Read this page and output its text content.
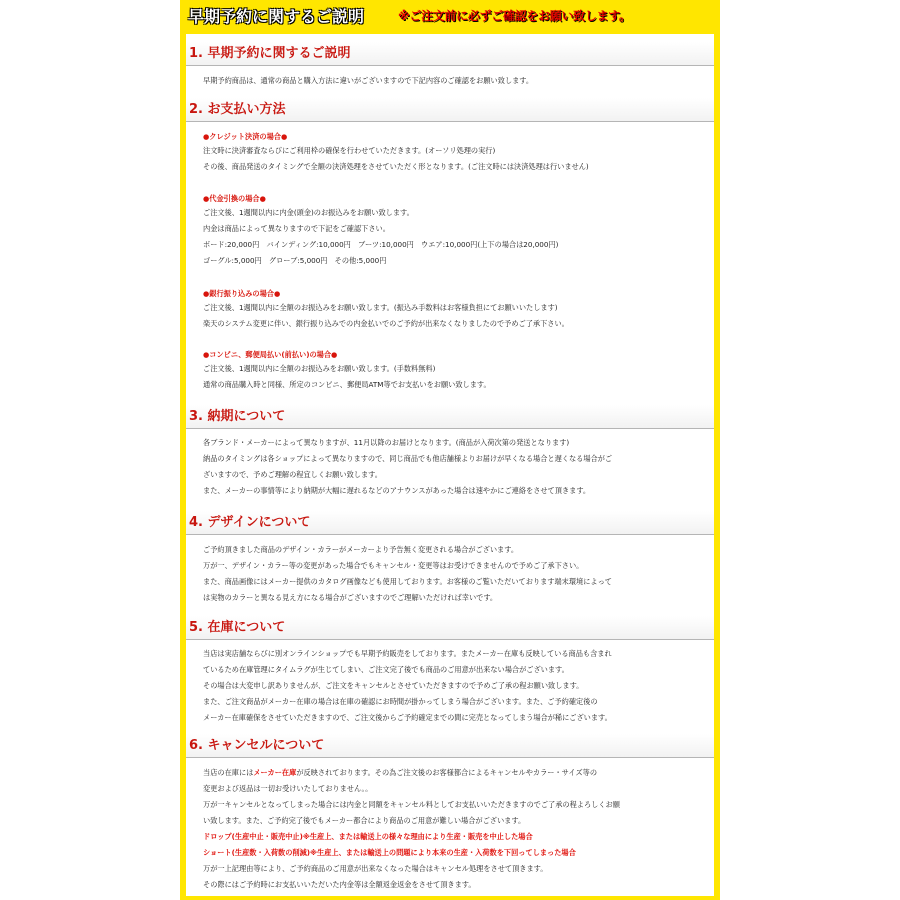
早期予約に関するご説明	※ご注文前に必ずご確認をお願い致します。
1. 早期予約に関するご説明
早期予約商品は、通常の商品と購入方法に違いがございますので下記内容のご確認をお願い致します。
2. お支払い方法
●クレジット決済の場合●
注文時に決済審査ならびにご利用枠の確保を行わせていただきます。(オーソリ処理の実行)
その後、商品発送のタイミングで全額の決済処理をさせていただく形となります。(ご注文時には決済処理は行いません)
●代金引換の場合●
ご注文後、1週間以内に内金(頭金)のお振込みをお願い致します。
内金は商品によって異なりますので下記をご確認下さい。
ボード:20,000円　バインディング:10,000円　ブーツ:10,000円　ウエア:10,000円(上下の場合は20,000円)
ゴーグル:5,000円　グローブ:5,000円　その他:5,000円
●銀行振り込みの場合●
ご注文後、1週間以内に全額のお振込みをお願い致します。(振込み手数料はお客様負担にてお願いいたします)
楽天のシステム変更に伴い、銀行振り込みでの内金払いでのご予約が出来なくなりましたので予めご了承下さい。
●コンビニ、郵便局払い(前払い)の場合●
ご注文後、1週間以内に全額のお振込みをお願い致します。(手数料無料)
通常の商品購入時と同様、所定のコンビニ、郵便局ATM等でお支払いをお願い致します。
3. 納期について
各ブランド・メーカーによって異なりますが、11月以降のお届けとなります。(商品が入荷次第の発送となります)
納品のタイミングは各ショップによって異なりますので、同じ商品でも他店舗様よりお届けが早くなる場合と遅くなる場合がご
ざいますので、予めご理解の程宜しくお願い致します。
また、メーカーの事情等により納期が大幅に遅れるなどのアナウンスがあった場合は速やかにご連絡をさせて頂きます。
4. デザインについて
ご予約頂きました商品のデザイン・カラーがメーカーより予告無く変更される場合がございます。
万が一、デザイン・カラー等の変更があった場合でもキャンセル・変更等はお受けできませんので予めご了承下さい。
また、商品画像にはメーカー提供のカタログ画像なども使用しております。お客様のご覧いただいております端末環境によって
は実物のカラーと異なる見え方になる場合がございますのでご理解いただければ幸いです。
5. 在庫について
当店は実店舗ならびに別オンラインショップでも早期予約販売をしております。またメーカー在庫も反映している商品も含まれ
ているため在庫管理にタイムラグが生じてしまい、ご注文完了後でも商品のご用意が出来ない場合がございます。
その場合は大変申し訳ありませんが、ご注文をキャンセルとさせていただきますので予めご了承の程お願い致します。
また、ご注文商品がメーカー在庫の場合は在庫の確認にお時間が掛かってしまう場合がございます。また、ご予約確定後の
メーカー在庫確保をさせていただきますので、ご注文後からご予約確定までの間に完売となってしまう場合が稀にございます。
6. キャンセルについて
当店の在庫にはメーカー在庫が反映されております。その為ご注文後のお客様都合によるキャンセルやカラー・サイズ等の
変更および返品は一切お受けいたしておりません。。
万が一キャンセルとなってしまった場合には内金と同額をキャンセル料としてお支払いいただきますのでご了承の程よろしくお願
い致します。また、ご予約完了後でもメーカー都合により商品のご用意が難しい場合がございます。
ドロップ(生産中止・販売中止)※生産上、または輸送上の様々な理由により生産・販売を中止した場合
ショート(生産数・入荷数の削減)※生産上、または輸送上の問題により本来の生産・入荷数を下回ってしまった場合
万が一上記理由等により、ご予約商品のご用意が出来なくなった場合はキャンセル処理をさせて頂きます。
その際にはご予約時にお支払いいただいた内金等は全額返金返金をさせて頂きます。
